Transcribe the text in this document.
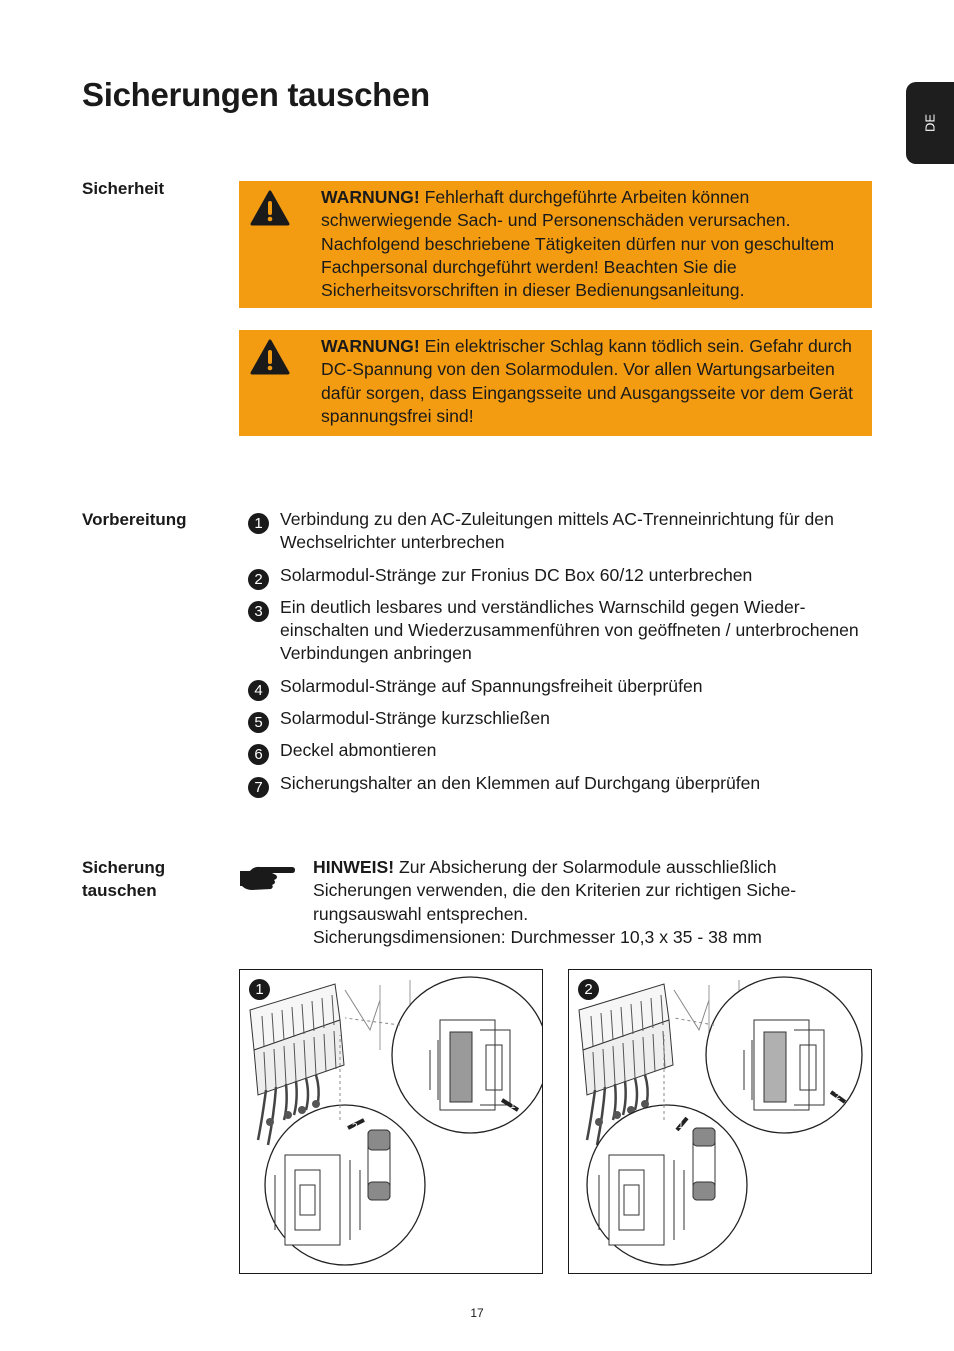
Sicherungen tauschen
DE
Sicherheit	WARNUNG! Fehlerhaft durchgeführte Arbeiten können schwerwiegende Sach- und Personenschäden verursachen. Nachfolgend beschriebene Tätigkeiten dürfen nur von geschultem Fachpersonal durchgeführt werden! Beachten Sie die Sicherheitsvorschriften in dieser Bedienungsanleitung.
WARNUNG! Ein elektrischer Schlag kann tödlich sein. Gefahr durch DC-Spannung von den Solarmodulen. Vor allen Wartungsarbeiten dafür sorgen, dass Eingangsseite und Ausgangsseite vor dem Gerät spannungsfrei sind!
Vorbereitung	1 Verbindung zu den AC-Zuleitungen mittels AC-Trenneinrichtung für den Wechselrichter unterbrechen
2 Solarmodul-Stränge zur Fronius DC Box 60/12 unterbrechen
3 Ein deutlich lesbares und verständliches Warnschild gegen Wiedereinschalten und Wiederzusammenführen von geöffneten / unterbrochenen Verbindungen anbringen
4 Solarmodul-Stränge auf Spannungsfreiheit überprüfen
5 Solarmodul-Stränge kurzschließen
6 Deckel abmontieren
7 Sicherungshalter an den Klemmen auf Durchgang überprüfen
Sicherung tauschen
HINWEIS! Zur Absicherung der Solarmodule ausschließlich Sicherungen verwenden, die den Kriterien zur richtigen Sicherungsauswahl entsprechen.
Sicherungsdimensionen: Durchmesser 10,3 x 35 - 38 mm
1
1
2
2
2
1
17
